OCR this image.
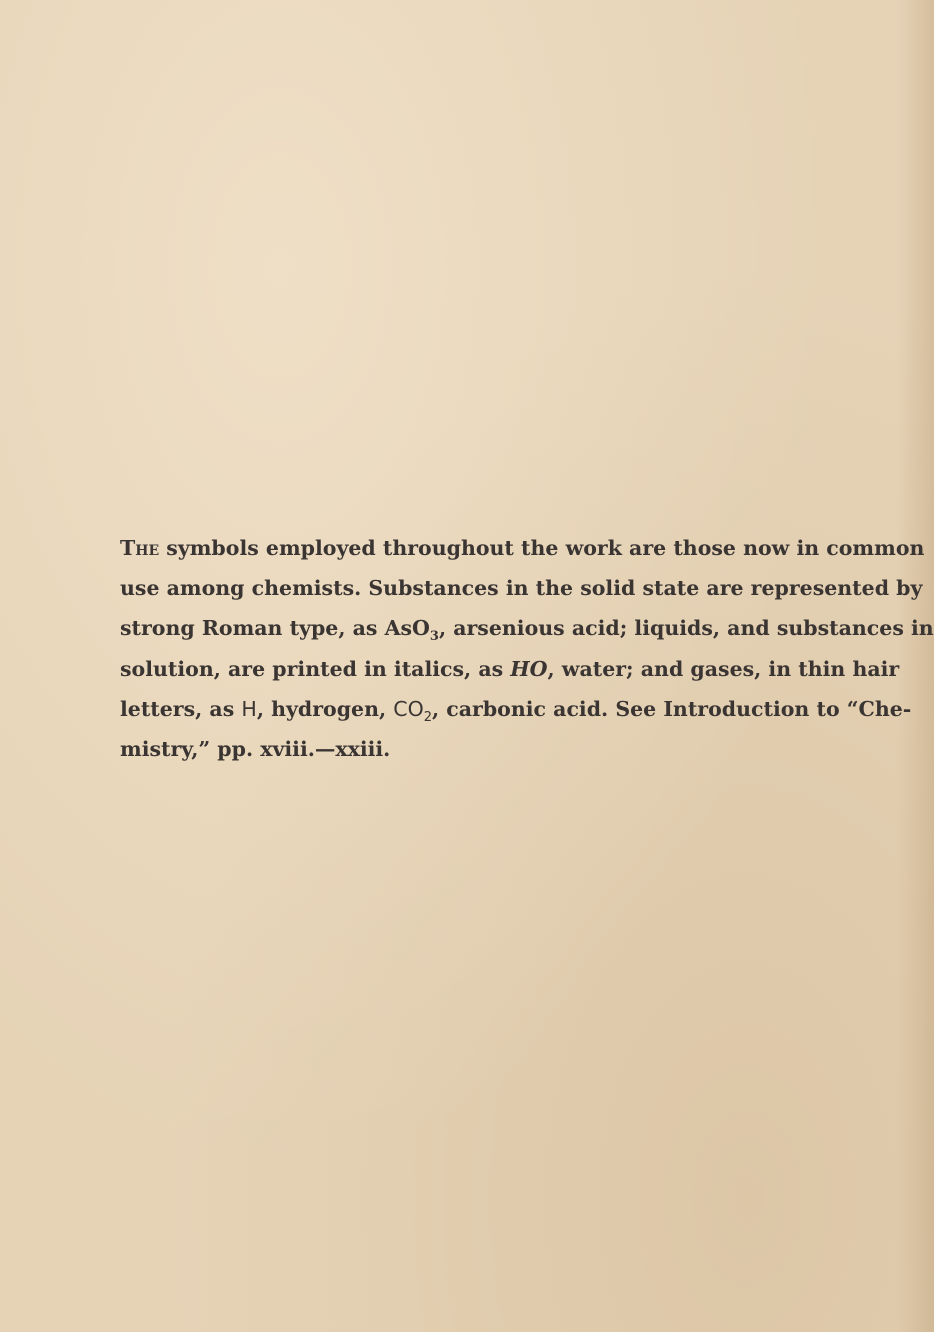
The symbols employed throughout the work are those now in common
use among chemists. Substances in the solid state are represented by
strong Roman type, as AsO$_3$, arsenious acid; liquids, and substances in
solution, are printed in italics, as HO, water; and gases, in thin hair
letters, as H, hydrogen, $CO_2$, carbonic acid. See Introduction to “Che-
mistry,” pp. xviii.—xxiii.
